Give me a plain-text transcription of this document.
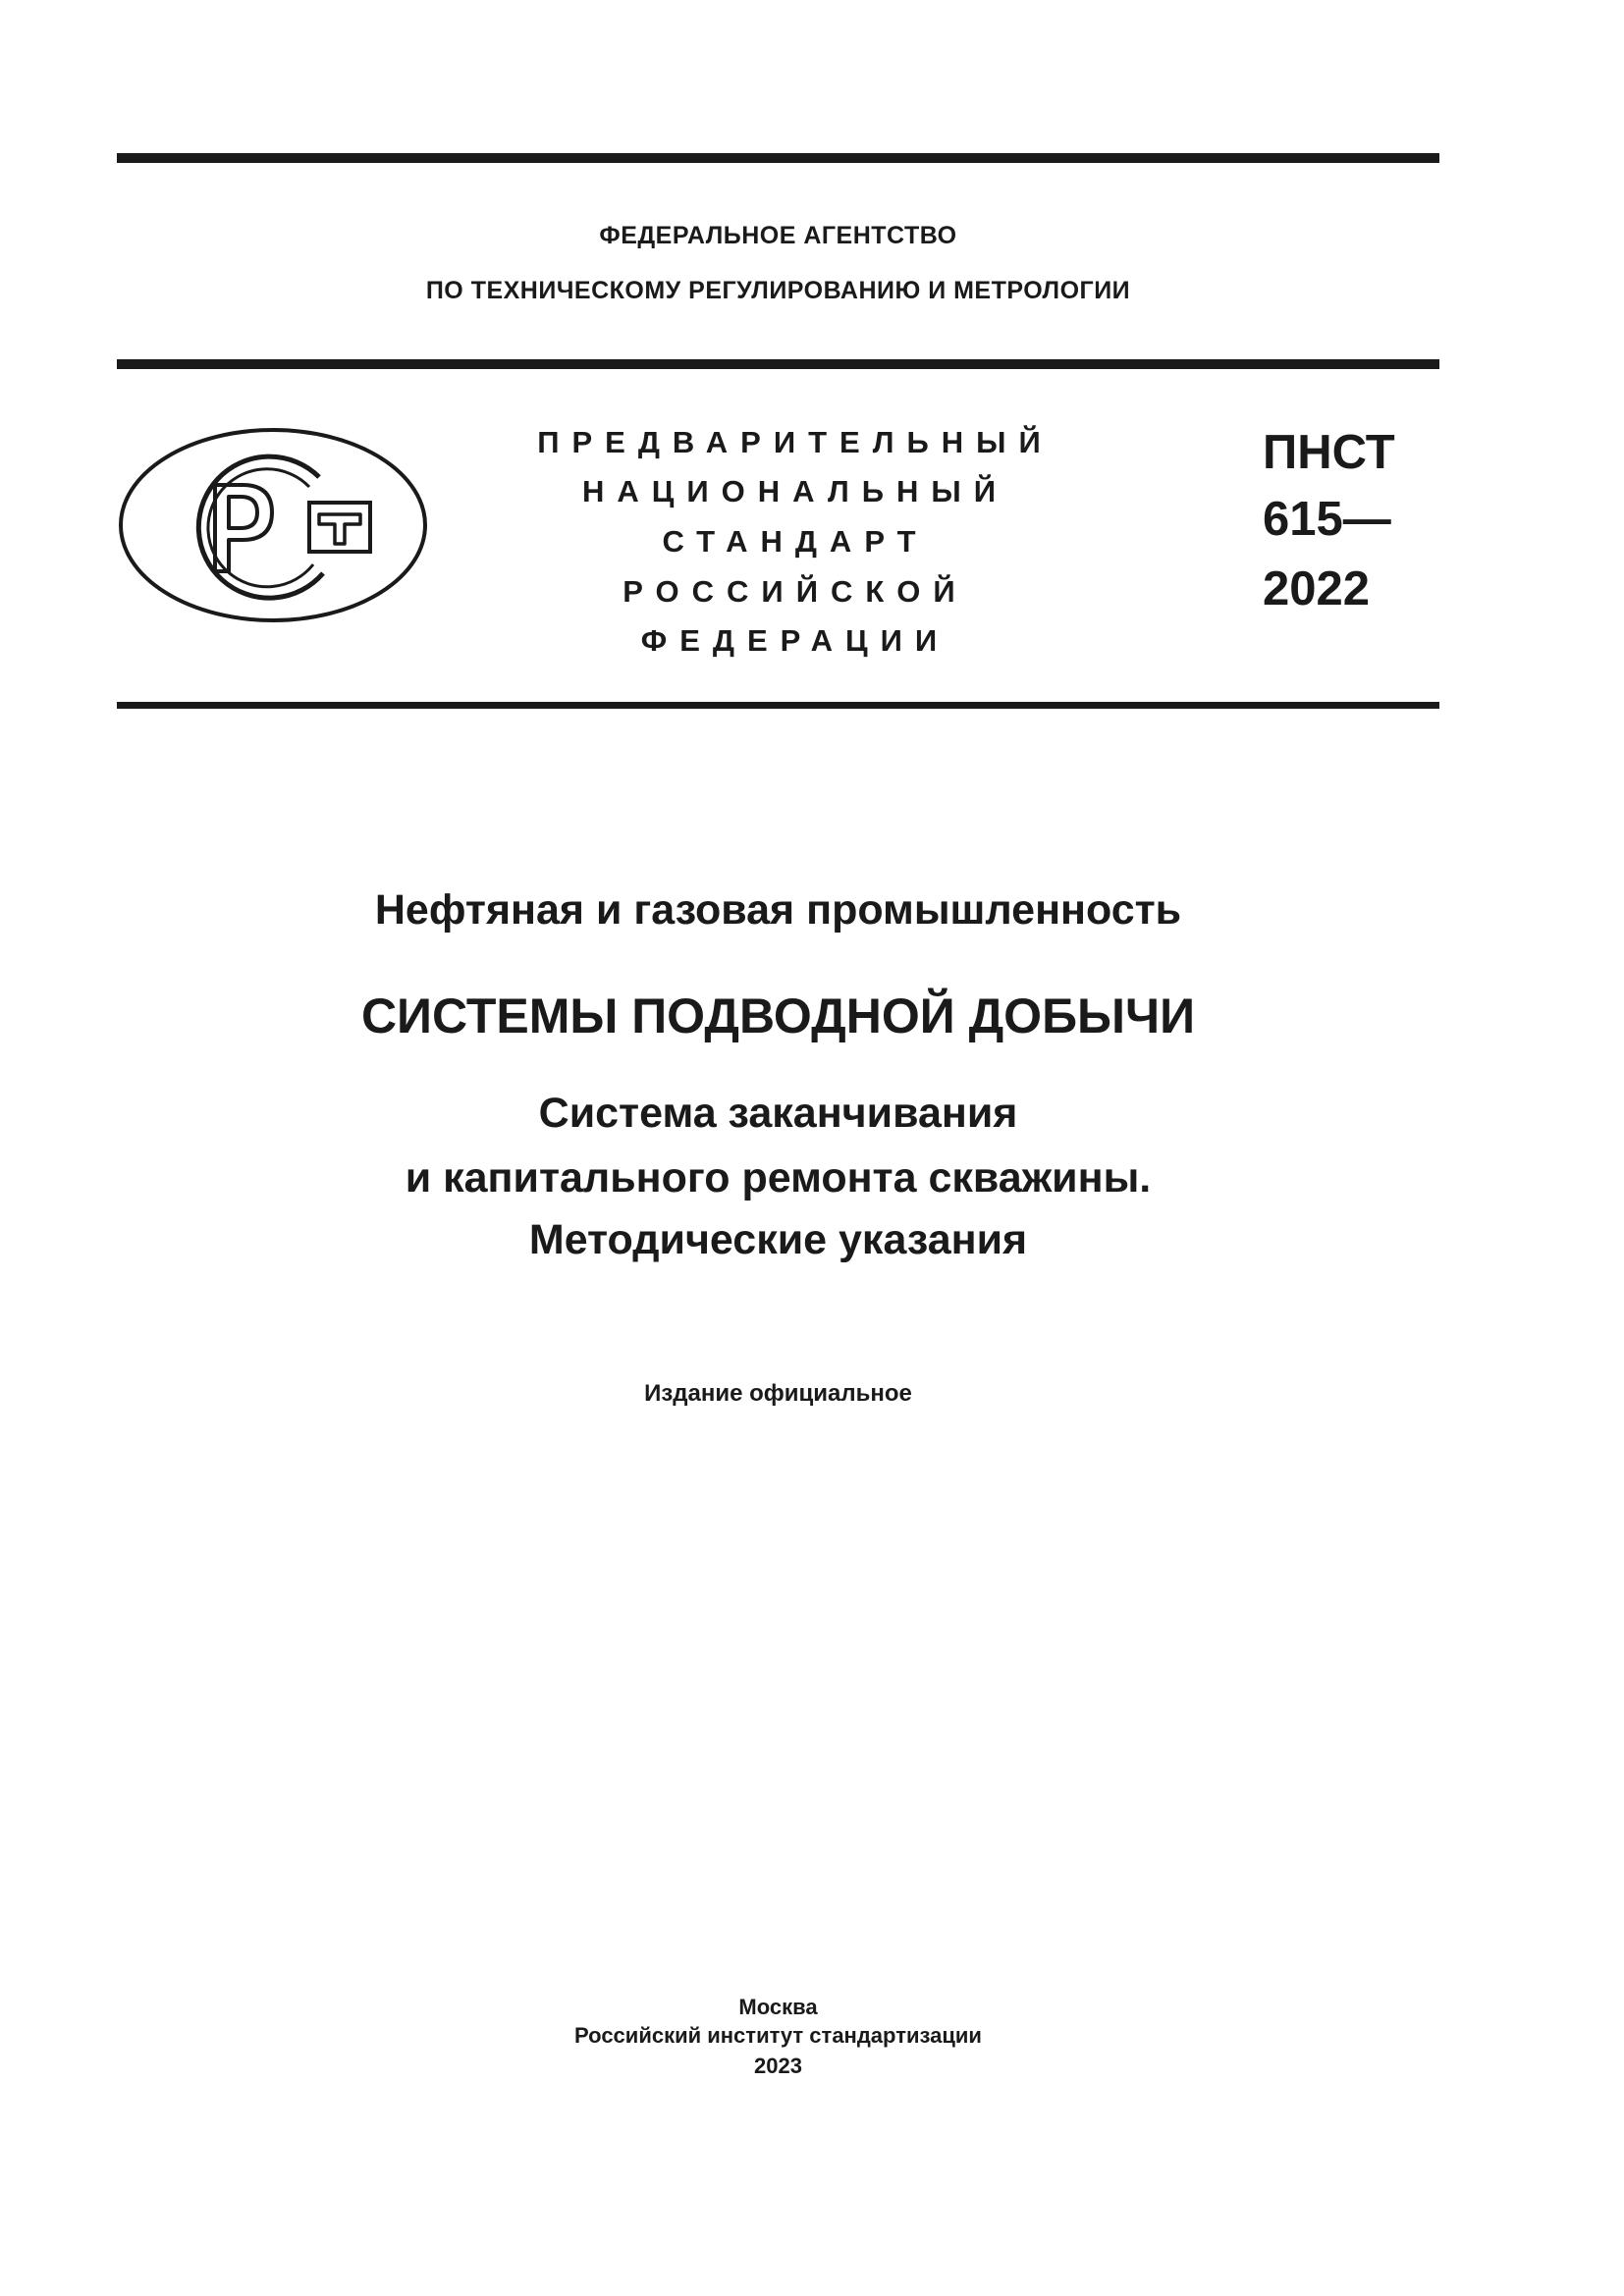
ФЕДЕРАЛЬНОЕ АГЕНТСТВО
ПО ТЕХНИЧЕСКОМУ РЕГУЛИРОВАНИЮ И МЕТРОЛОГИИ
ПРЕДВАРИТЕЛЬНЫЙ
НАЦИОНАЛЬНЫЙ
СТАНДАРТ
РОССИЙСКОЙ
ФЕДЕРАЦИИ
ПНСТ
615—
2022
Нефтяная и газовая промышленность
СИСТЕМЫ ПОДВОДНОЙ ДОБЫЧИ
Система заканчивания
и капитального ремонта скважины.
Методические указания
Издание официальное
Москва
Российский институт стандартизации
2023
